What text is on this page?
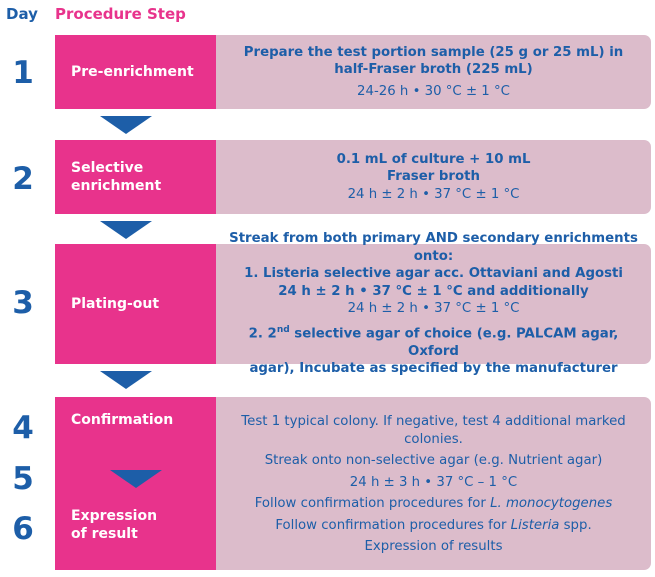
Day Procedure Step
1
2
3
4
5
6
Pre-enrichment
Prepare the test portion sample (25 g or 25 mL) in
half-Fraser broth (225 mL)
24-26 h • 30 °C ± 1 °C
Selective
enrichment
0.1 mL of culture + 10 mL
Fraser broth
24 h ± 2 h • 37 °C ± 1 °C
Plating-out
Streak from both primary AND secondary enrichments onto:
1. Listeria selective agar acc. Ottaviani and Agosti
24 h ± 2 h • 37 °C ± 1 °C and additionally
24 h ± 2 h • 37 °C ± 1 °C
2. 2nd selective agar of choice (e.g. PALCAM agar, Oxford
agar), Incubate as specified by the manufacturer
Confirmation
Expression
of result
Test 1 typical colony. If negative, test 4 additional marked
colonies.
Streak onto non-selective agar (e.g. Nutrient agar)
24 h ± 3 h • 37 °C – 1 °C
Follow confirmation procedures for L. monocytogenes
Follow confirmation procedures for Listeria spp.
Expression of results
